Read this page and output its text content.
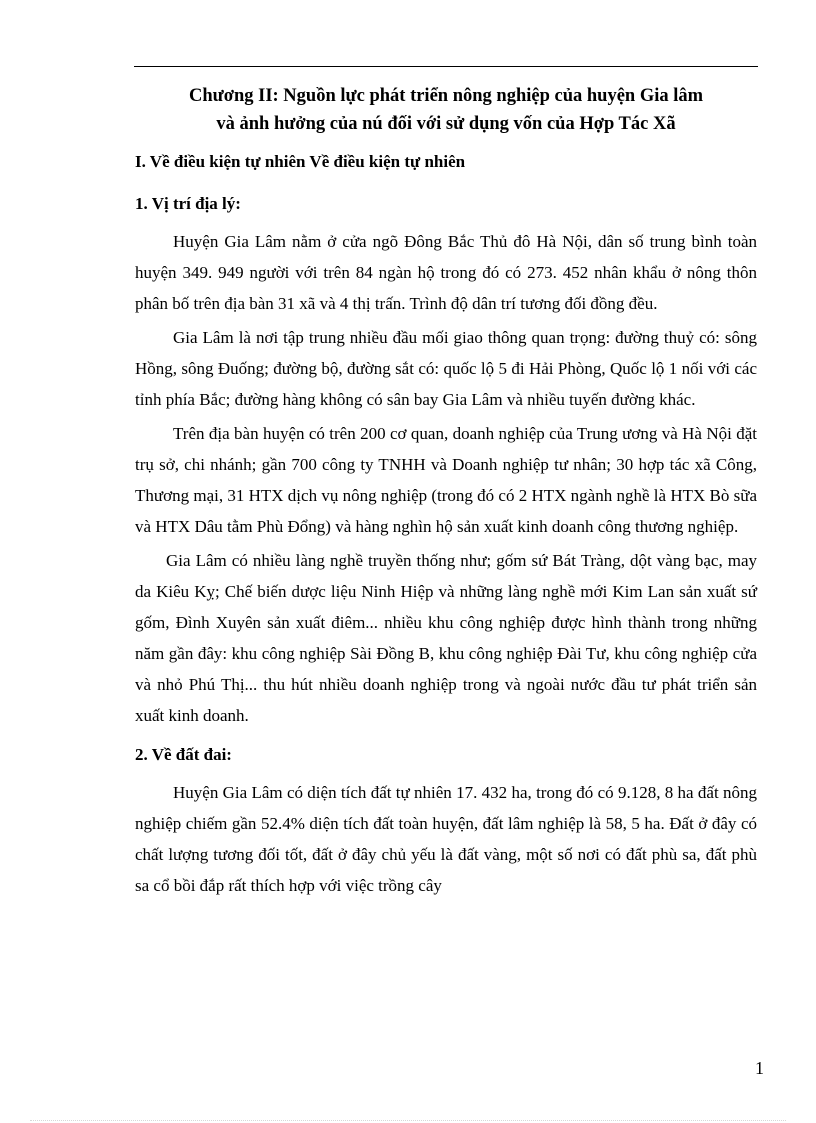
Chương II: Nguồn lực phát triển nông nghiệp của huyện Gia lâm
và ảnh hưởng của nú đối với sử dụng vốn của Hợp Tác Xã
I. Về điều kiện tự nhiên Về điều kiện tự nhiên
1. Vị trí địa lý:

Huyện Gia Lâm nằm ở cửa ngõ Đông Bắc Thủ đô Hà Nội, dân số trung bình toàn huyện 349. 949 người với trên 84 ngàn hộ trong đó có 273. 452 nhân khẩu ở nông thôn phân bố trên địa bàn 31 xã và 4 thị trấn. Trình độ dân trí tương đối đồng đều.

Gia Lâm là nơi tập trung nhiều đầu mối giao thông quan trọng: đường thuỷ có: sông Hồng, sông Đuống; đường bộ, đường sắt có: quốc lộ 5 đi Hải Phòng, Quốc lộ 1 nối với các tỉnh phía Bắc; đường hàng không có sân bay Gia Lâm và nhiều tuyến đường khác.

Trên địa bàn huyện có trên 200 cơ quan, doanh nghiệp của Trung ương và Hà Nội đặt trụ sở, chi nhánh; gần 700 công ty TNHH và Doanh nghiệp tư nhân; 30 hợp tác xã Công, Thương mại, 31 HTX dịch vụ nông nghiệp (trong đó có 2 HTX ngành nghề là HTX Bò sữa và HTX Dâu tằm Phù Đổng) và hàng nghìn hộ sản xuất kinh doanh công thương nghiệp.

Gia Lâm có nhiều làng nghề truyền thống như; gốm sứ Bát Tràng, dột vàng bạc, may da Kiêu Kỵ; Chế biến dược liệu Ninh Hiệp và những làng nghề mới Kim Lan sản xuất sứ gốm, Đình Xuyên sản xuất điêm... nhiều khu công nghiệp được hình thành trong những năm gần đây: khu công nghiệp Sài Đồng B, khu công nghiệp Đài Tư, khu công nghiệp cửa và nhỏ Phú Thị... thu hút nhiều doanh nghiệp trong và ngoài nước đầu tư phát triển sản xuất kinh doanh.

2. Về đất đai:

Huyện Gia Lâm có diện tích đất tự nhiên 17. 432 ha, trong đó có 9.128, 8 ha đất nông nghiệp chiếm gần 52.4% diện tích đất toàn huyện, đất lâm nghiệp là 58, 5 ha. Đất ở đây có chất lượng tương đối tốt, đất ở đây chủ yếu là đất vàng, một số nơi có đất phù sa, đất phù sa cổ bồi đắp rất thích hợp với việc trồng cây

1
